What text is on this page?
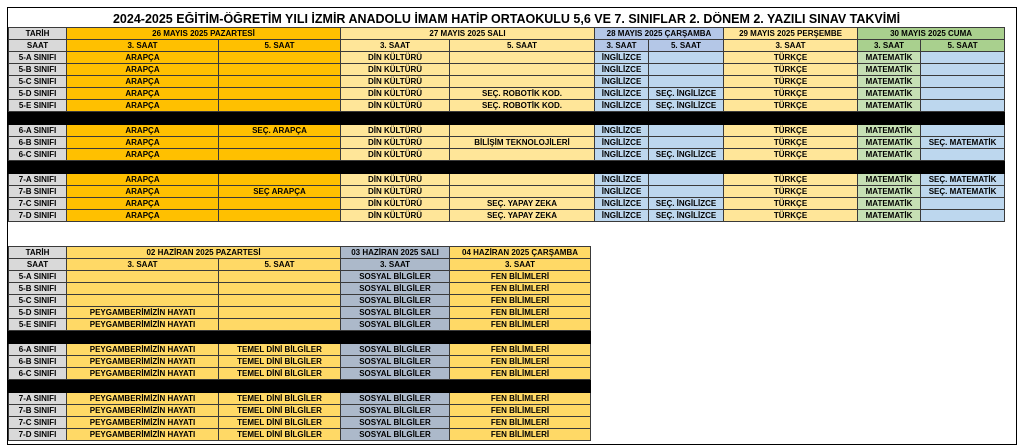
2024-2025 EĞİTİM-ÖĞRETİM YILI İZMİR ANADOLU İMAM HATİP ORTAOKULU 5,6 VE 7. SINIFLAR 2. DÖNEM 2. YAZILI SINAV TAKVİMİ									
TARİH	26 MAYIS 2025 PAZARTESİ		27 MAYIS 2025 SALI		28 MAYIS 2025 ÇARŞAMBA		29 MAYIS 2025 PERŞEMBE	30 MAYIS 2025 CUMA	
SAAT	3. SAAT	5. SAAT	3. SAAT	5. SAAT	3. SAAT	5. SAAT	3. SAAT	3. SAAT	5. SAAT
5-A SINIFI	ARAPÇA		DİN KÜLTÜRÜ		İNGİLİZCE		TÜRKÇE	MATEMATİK	
5-B SINIFI	ARAPÇA		DİN KÜLTÜRÜ		İNGİLİZCE		TÜRKÇE	MATEMATİK	
5-C SINIFI	ARAPÇA		DİN KÜLTÜRÜ		İNGİLİZCE		TÜRKÇE	MATEMATİK	
5-D SINIFI	ARAPÇA		DİN KÜLTÜRÜ	SEÇ. ROBOTİK KOD.	İNGİLİZCE	SEÇ. İNGİLİZCE	TÜRKÇE	MATEMATİK	
5-E SINIFI	ARAPÇA		DİN KÜLTÜRÜ	SEÇ. ROBOTİK KOD.	İNGİLİZCE	SEÇ. İNGİLİZCE	TÜRKÇE	MATEMATİK	

6-A SINIFI	ARAPÇA	SEÇ. ARAPÇA	DİN KÜLTÜRÜ		İNGİLİZCE		TÜRKÇE	MATEMATİK	
6-B SINIFI	ARAPÇA		DİN KÜLTÜRÜ	BİLİŞİM TEKNOLOJİLERİ	İNGİLİZCE		TÜRKÇE	MATEMATİK	SEÇ. MATEMATİK
6-C SINIFI	ARAPÇA		DİN KÜLTÜRÜ		İNGİLİZCE	SEÇ. İNGİLİZCE	TÜRKÇE	MATEMATİK	

7-A SINIFI	ARAPÇA		DİN KÜLTÜRÜ		İNGİLİZCE		TÜRKÇE	MATEMATİK	SEÇ. MATEMATİK
7-B SINIFI	ARAPÇA	SEÇ ARAPÇA	DİN KÜLTÜRÜ		İNGİLİZCE		TÜRKÇE	MATEMATİK	SEÇ. MATEMATİK
7-C SINIFI	ARAPÇA		DİN KÜLTÜRÜ	SEÇ. YAPAY ZEKA	İNGİLİZCE	SEÇ. İNGİLİZCE	TÜRKÇE	MATEMATİK	
7-D SINIFI	ARAPÇA		DİN KÜLTÜRÜ	SEÇ. YAPAY ZEKA	İNGİLİZCE	SEÇ. İNGİLİZCE	TÜRKÇE	MATEMATİK	
TARİH	02 HAZİRAN 2025 PAZARTESİ		03 HAZİRAN 2025 SALI	04 HAZİRAN 2025 ÇARŞAMBA
SAAT	3. SAAT	5. SAAT	3. SAAT	3. SAAT
5-A SINIFI			SOSYAL BİLGİLER	FEN BİLİMLERİ
5-B SINIFI			SOSYAL BİLGİLER	FEN BİLİMLERİ
5-C SINIFI			SOSYAL BİLGİLER	FEN BİLİMLERİ
5-D SINIFI	PEYGAMBERİMİZİN HAYATI		SOSYAL BİLGİLER	FEN BİLİMLERİ
5-E SINIFI	PEYGAMBERİMİZİN HAYATI		SOSYAL BİLGİLER	FEN BİLİMLERİ

6-A SINIFI	PEYGAMBERİMİZİN HAYATI	TEMEL DİNİ BİLGİLER	SOSYAL BİLGİLER	FEN BİLİMLERİ
6-B SINIFI	PEYGAMBERİMİZİN HAYATI	TEMEL DİNİ BİLGİLER	SOSYAL BİLGİLER	FEN BİLİMLERİ
6-C SINIFI	PEYGAMBERİMİZİN HAYATI	TEMEL DİNİ BİLGİLER	SOSYAL BİLGİLER	FEN BİLİMLERİ

7-A SINIFI	PEYGAMBERİMİZİN HAYATI	TEMEL DİNİ BİLGİLER	SOSYAL BİLGİLER	FEN BİLİMLERİ
7-B SINIFI	PEYGAMBERİMİZİN HAYATI	TEMEL DİNİ BİLGİLER	SOSYAL BİLGİLER	FEN BİLİMLERİ
7-C SINIFI	PEYGAMBERİMİZİN HAYATI	TEMEL DİNİ BİLGİLER	SOSYAL BİLGİLER	FEN BİLİMLERİ
7-D SINIFI	PEYGAMBERİMİZİN HAYATI	TEMEL DİNİ BİLGİLER	SOSYAL BİLGİLER	FEN BİLİMLERİ
